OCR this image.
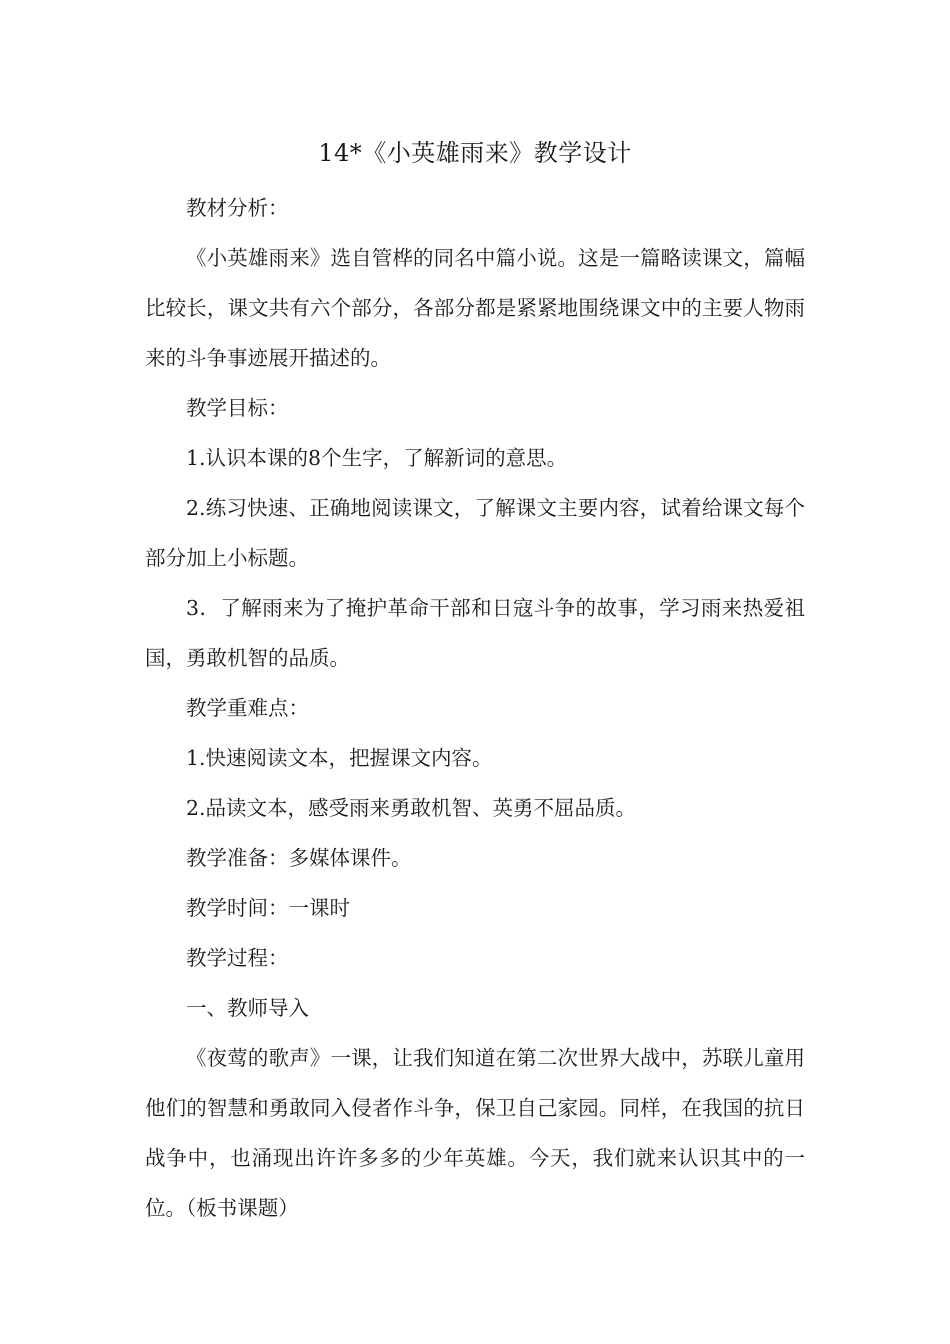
14*《小英雄雨来》教学设计

教材分析：

《小英雄雨来》选自管桦的同名中篇小说。这是一篇略读课文，篇幅比较长，课文共有六个部分，各部分都是紧紧地围绕课文中的主要人物雨来的斗争事迹展开描述的。

教学目标：

1.认识本课的8个生字，了解新词的意思。

2.练习快速、正确地阅读课文，了解课文主要内容，试着给课文每个部分加上小标题。

3．了解雨来为了掩护革命干部和日寇斗争的故事，学习雨来热爱祖国，勇敢机智的品质。

教学重难点：

1.快速阅读文本，把握课文内容。

2.品读文本，感受雨来勇敢机智、英勇不屈品质。

教学准备：多媒体课件。

教学时间：一课时

教学过程：

一、教师导入

《夜莺的歌声》一课，让我们知道在第二次世界大战中，苏联儿童用他们的智慧和勇敢同入侵者作斗争，保卫自己家园。同样，在我国的抗日战争中，也涌现出许许多多的少年英雄。今天，我们就来认识其中的一位。（板书课题）
